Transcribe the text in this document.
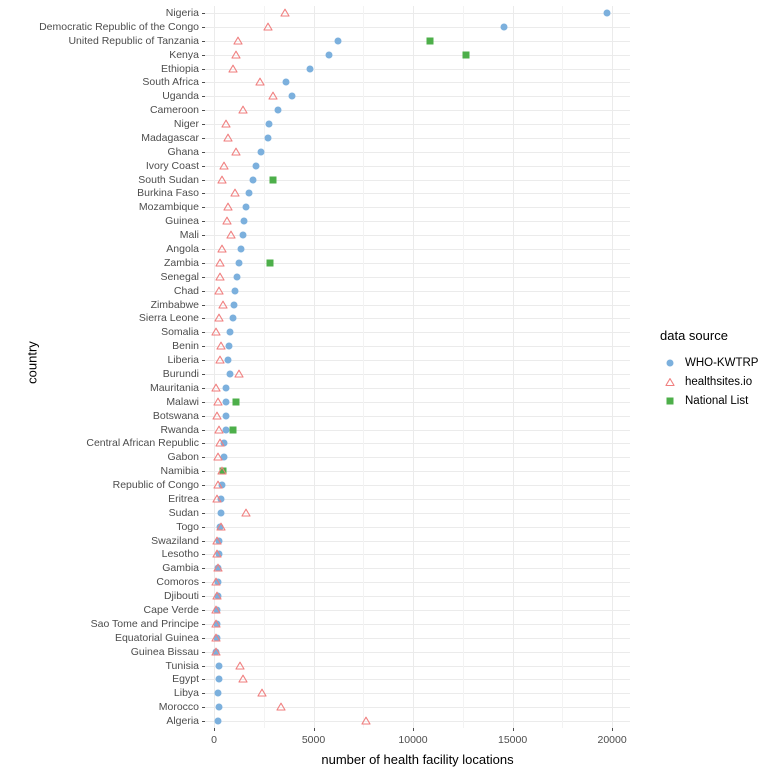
country
number of health facility locations
data source
WHO-KWTRP
healthsites.io
National List
Nigeria
Democratic Republic of the Congo
United Republic of Tanzania
Kenya
Ethiopia
South Africa
Uganda
Cameroon
Niger
Madagascar
Ghana
Ivory Coast
South Sudan
Burkina Faso
Mozambique
Guinea
Mali
Angola
Zambia
Senegal
Chad
Zimbabwe
Sierra Leone
Somalia
Benin
Liberia
Burundi
Mauritania
Malawi
Botswana
Rwanda
Central African Republic
Gabon
Namibia
Republic of Congo
Eritrea
Sudan
Togo
Swaziland
Lesotho
Gambia
Comoros
Djibouti
Cape Verde
Sao Tome and Principe
Equatorial Guinea
Guinea Bissau
Tunisia
Egypt
Libya
Morocco
Algeria
0	5000	10000	15000	20000
